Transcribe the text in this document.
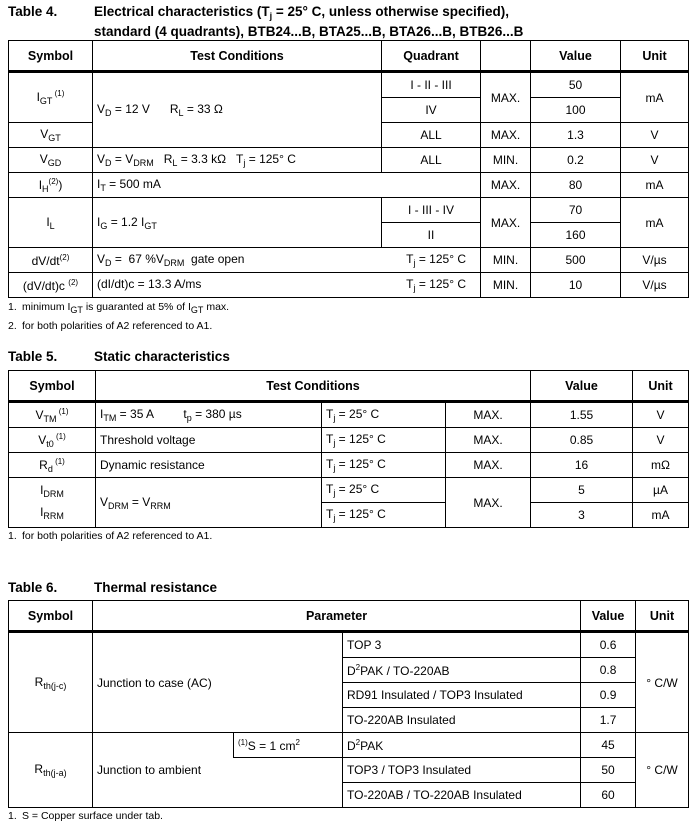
Table 4.	Electrical characteristics ($T_j = 25^\circ$ C, unless otherwise specified),
standard (4 quadrants), BTB24...B, BTA25...B, BTA26...B, BTB26...B
Symbol	Test Conditions	Quadrant		Value	Unit
$I_{GT}$ $^{(1)}$	$V_D = 12$ V      $R_L = 33$ Ω	I - II - III	MAX.	50	mA
		IV		100	
$V_{GT}$		ALL	MAX.	1.3	V
$V_{GD}$	$V_D = V_{DRM}$   $R_L = 3.3$ kΩ   $T_j = 125^\circ$ C	ALL	MIN.	0.2	V
$I_H^{(2)}$)	$I_T = 500$ mA		MAX.	80	mA
$I_L$	$I_G = 1.2$ $I_{GT}$	I - III - IV	MAX.	70	mA
		II		160	
$dV/dt^{(2)}$	$V_D = 67$ $\%V_{DRM}$  gate open $T_j = 125^\circ$ C		MIN.	500	V/µs
(dV/dt)c $^{(2)}$	(dI/dt)c = 13.3 A/ms $T_j = 125^\circ$ C		MIN.	10	V/µs
1. minimum $I_{GT}$ is guaranted at 5% of $I_{GT}$ max.
2. for both polarities of A2 referenced to A1.
Table 5.	Static characteristics
Symbol	Test Conditions			Value	Unit
$V_{TM}$ $^{(1)}$	$I_{TM} = 35$ A         $t_p = 380$ µs	$T_j = 25^\circ$ C	MAX.	1.55	V
$V_{t0}$ $^{(1)}$	Threshold voltage	$T_j = 125^\circ$ C	MAX.	0.85	V
$R_d$ $^{(1)}$	Dynamic resistance	$T_j = 125^\circ$ C	MAX.	16	mΩ
$I_{DRM}$
$I_{RRM}$	$V_{DRM} = V_{RRM}$	$T_j = 25^\circ$ C	MAX.	5	µA
		$T_j = 125^\circ$ C		3	mA
1. for both polarities of A2 referenced to A1.
Table 6.	Thermal resistance
Symbol	Parameter			Value	Unit
$R_{th(j-c)}$	Junction to case (AC)		TOP 3	0.6	° C/W
			$D^2PAK / TO-220AB$	0.8	
			RD91 Insulated / TOP3 Insulated	0.9	
			TO-220AB Insulated	1.7	
$R_{th(j-a)}$	Junction to ambient	$^{(1)}$S = 1 $cm^2$	$D^2PAK$	45	° C/W
			TOP3 / TOP3 Insulated	50	
			TO-220AB / TO-220AB Insulated	60	
1. S = Copper surface under tab.
